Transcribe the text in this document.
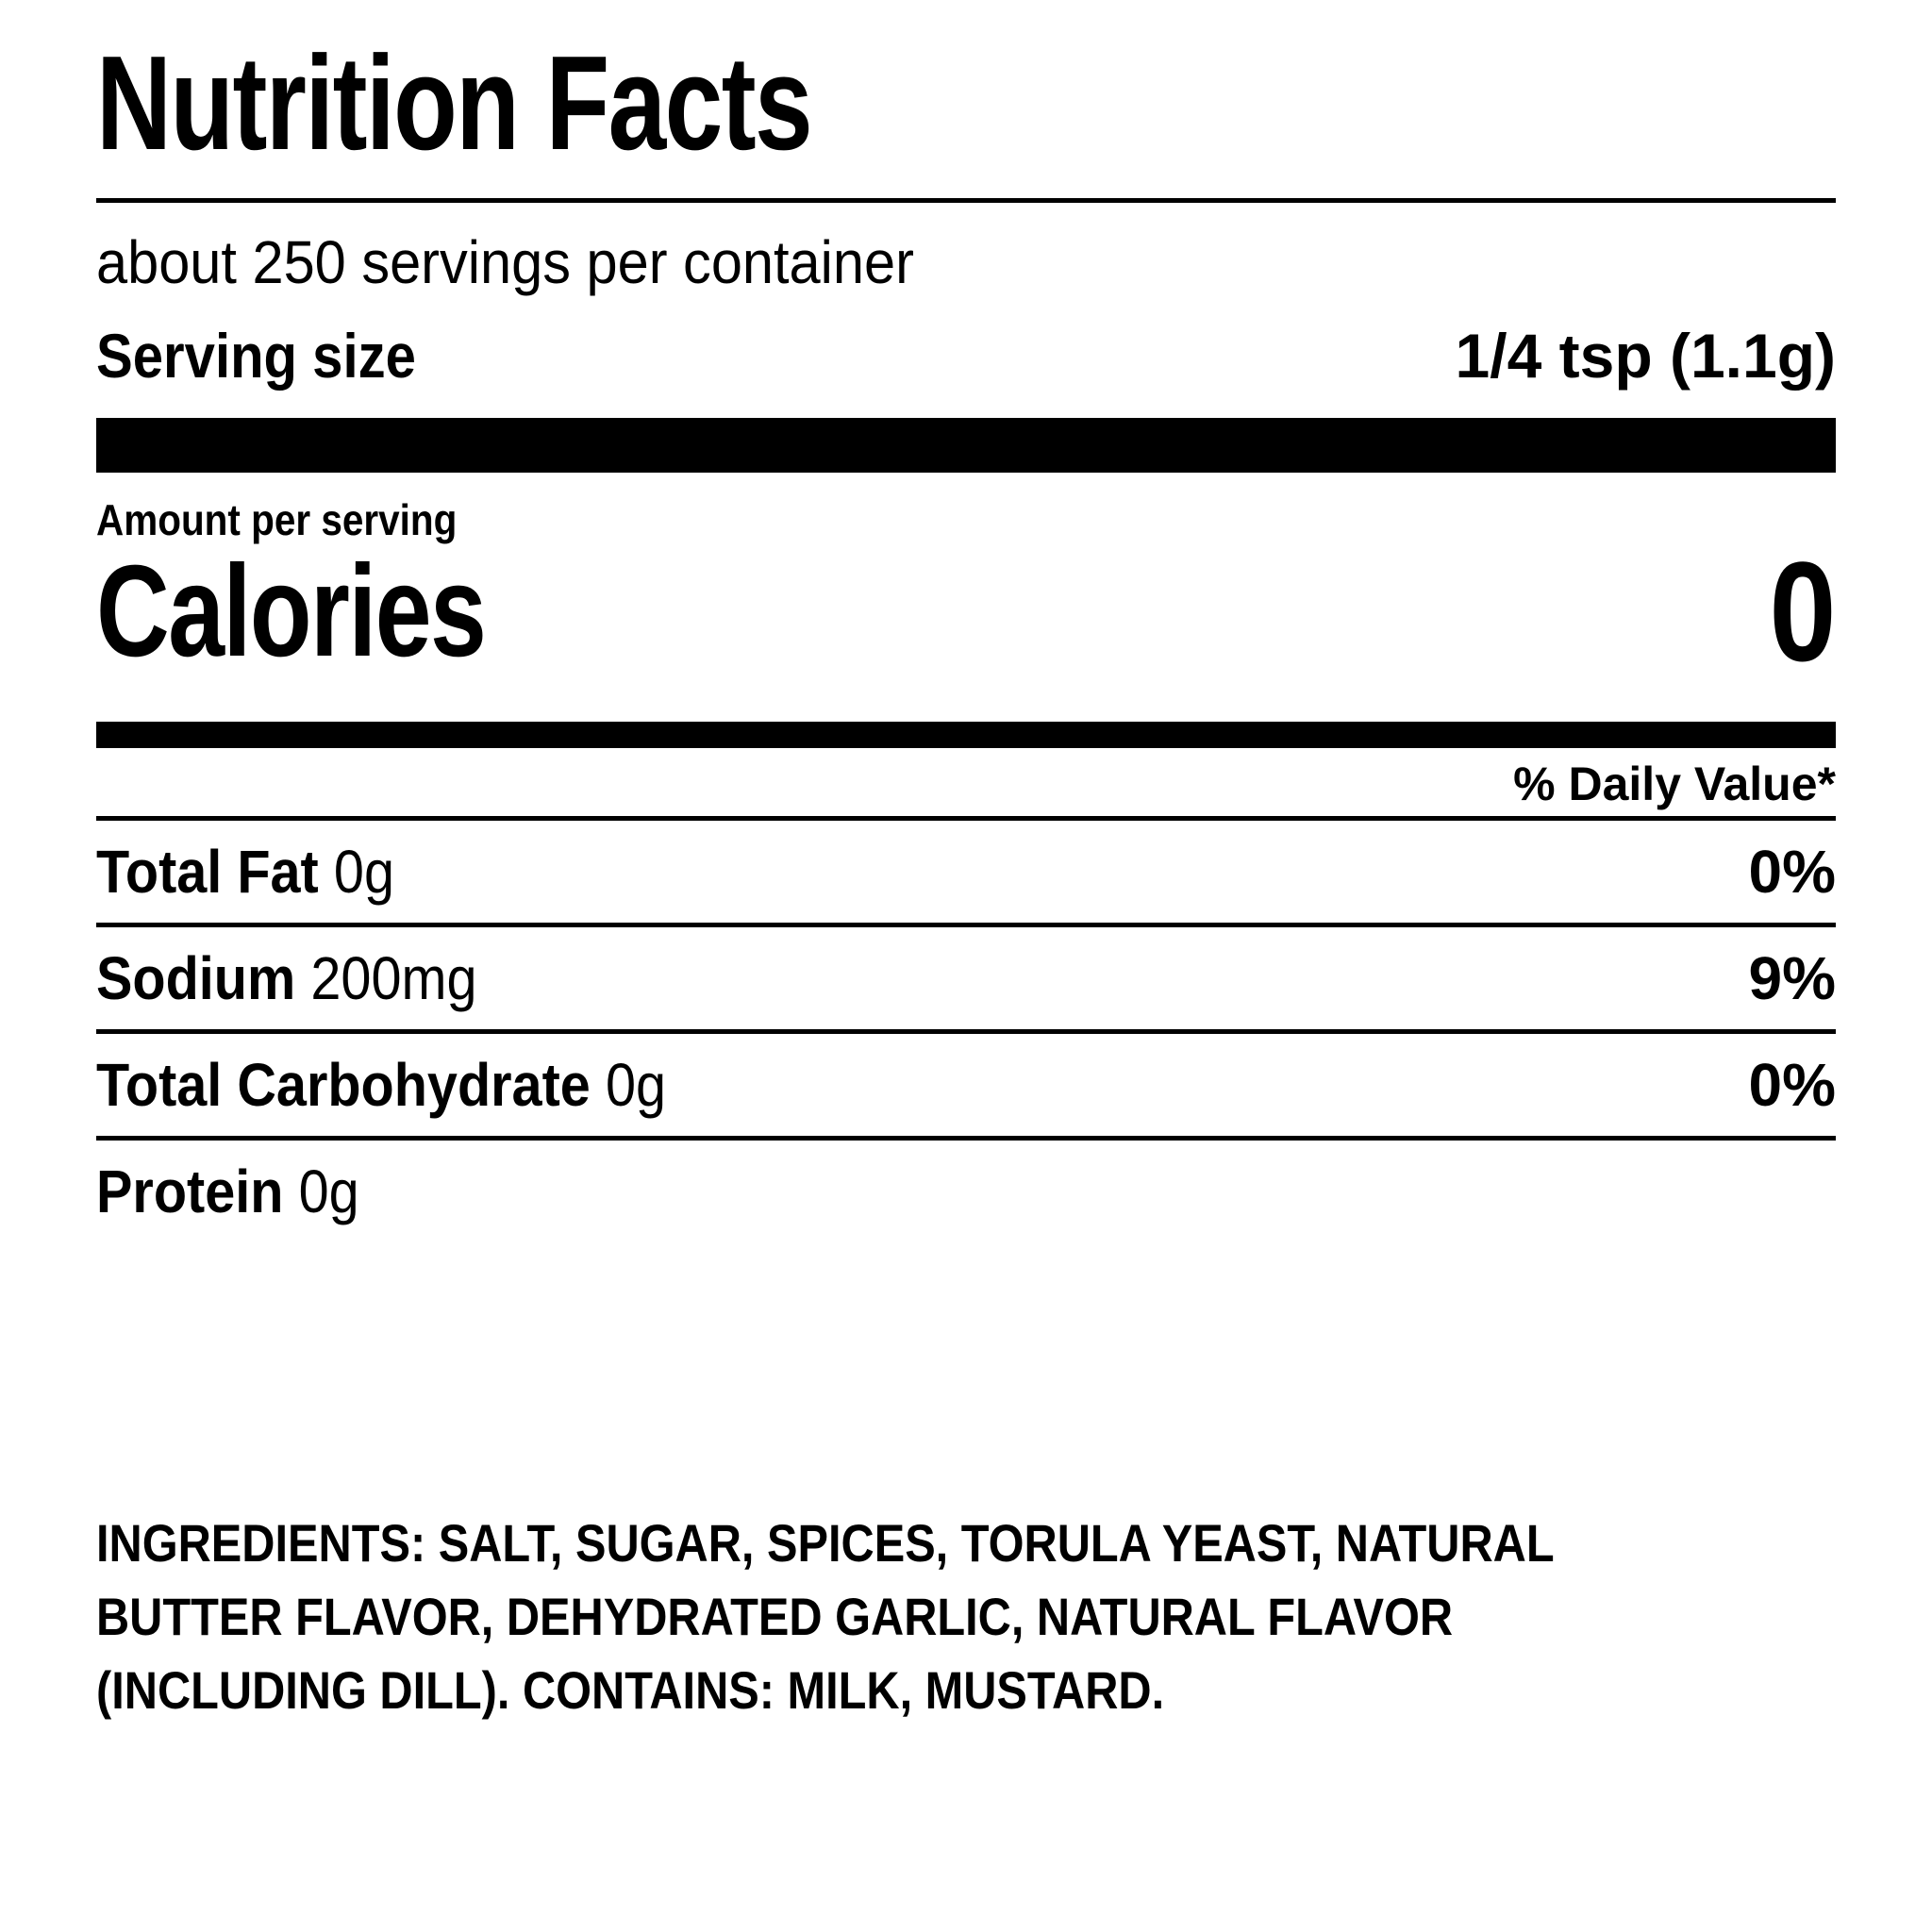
Nutrition Facts
about 250 servings per container
Serving size	1/4 tsp (1.1g)
Amount per serving
Calories	0
% Daily Value*
Total Fat 0g	0%
Sodium 200mg	9%
Total Carbohydrate 0g	0%
Protein 0g
INGREDIENTS: SALT, SUGAR, SPICES, TORULA YEAST, NATURAL
BUTTER FLAVOR, DEHYDRATED GARLIC, NATURAL FLAVOR
(INCLUDING DILL). CONTAINS: MILK, MUSTARD.
